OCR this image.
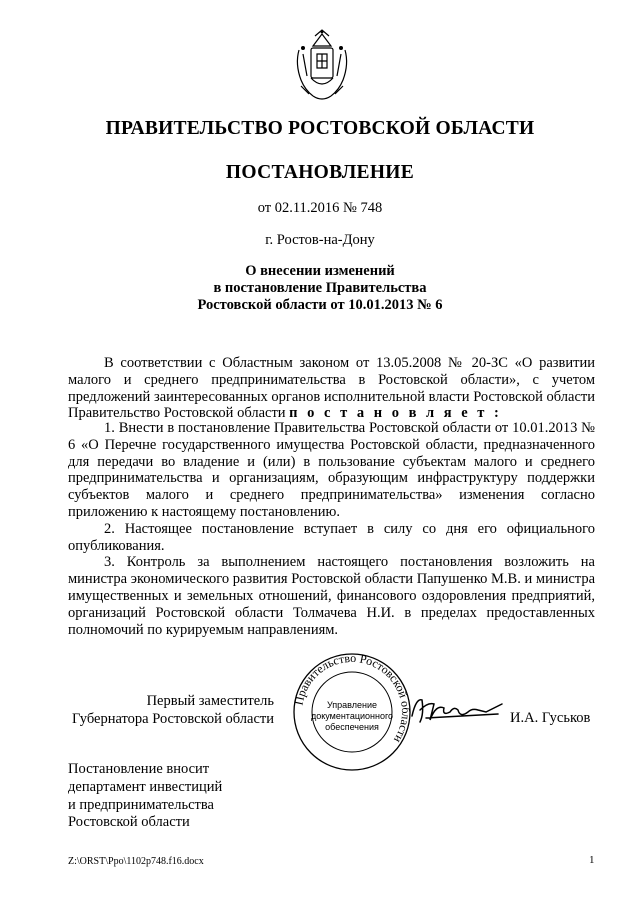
ПРАВИТЕЛЬСТВО РОСТОВСКОЙ ОБЛАСТИ
ПОСТАНОВЛЕНИЕ
от 02.11.2016 № 748
г. Ростов-на-Дону
О внесении изменений
в постановление Правительства
Ростовской области от 10.01.2013 № 6

В соответствии с Областным законом от 13.05.2008 № 20-ЗС «О развитии малого и среднего предпринимательства в Ростовской области», с учетом предложений заинтересованных органов исполнительной власти Ростовской области Правительство Ростовской области п о с т а н о в л я е т :

1. Внести в постановление Правительства Ростовской области от 10.01.2013 № 6 «О Перечне государственного имущества Ростовской области, предназначенного для передачи во владение и (или) в пользование субъектам малого и среднего предпринимательства и организациям, образующим инфраструктуру поддержки субъектов малого и среднего предпринимательства» изменения согласно приложению к настоящему постановлению.

2. Настоящее постановление вступает в силу со дня его официального опубликования.

3. Контроль за выполнением настоящего постановления возложить на министра экономического развития Ростовской области Папушенко М.В. и министра имущественных и земельных отношений, финансового оздоровления предприятий, организаций Ростовской области Толмачева Н.И. в пределах предоставленных полномочий по курируемым направлениям.

Первый заместитель
Губернатора Ростовской области
Правительство Ростовской области
Управление
документационного
обеспечения
И.А. Гуськов
Постановление вносит
департамент инвестиций
и предпринимательства
Ростовской области
Z:\ORST\Ppo\1102p748.f16.docx	1
